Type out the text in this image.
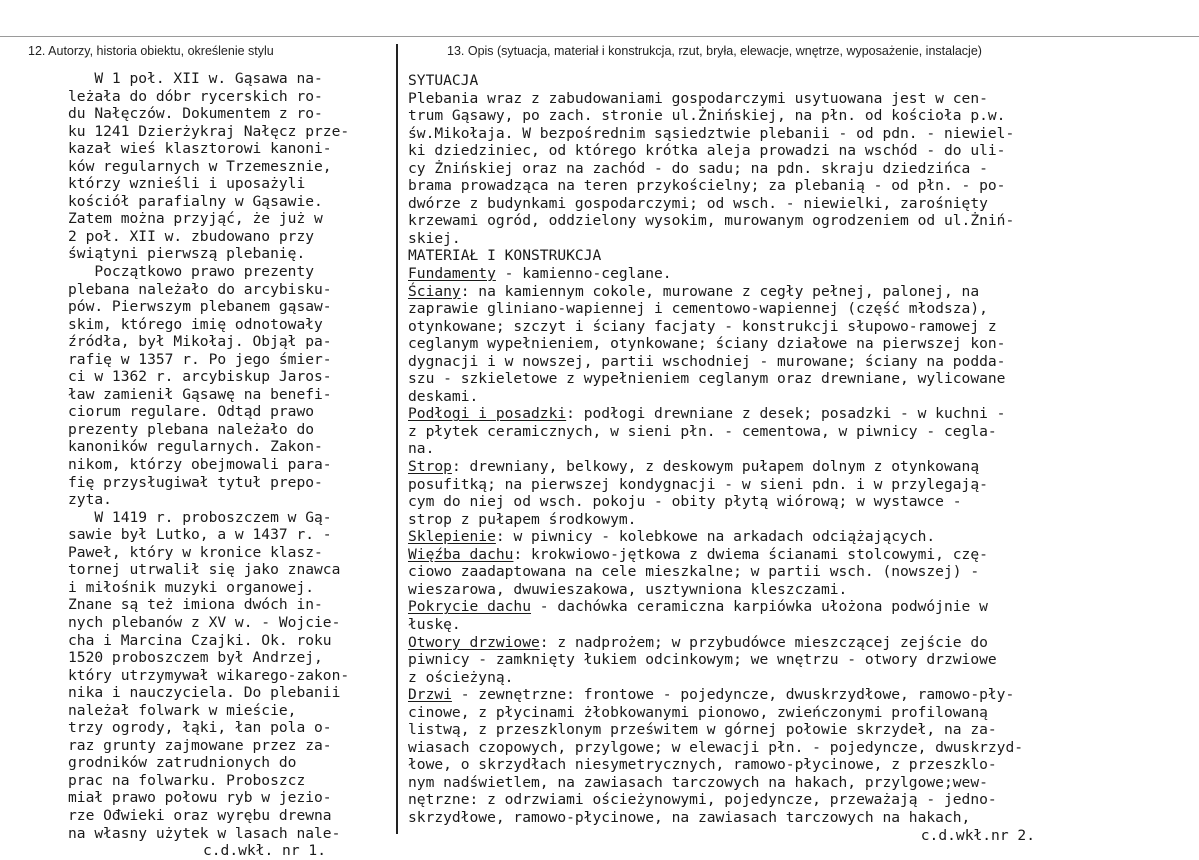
12. Autorzy, historia obiektu, określenie stylu	13. Opis (sytuacja, materiał i konstrukcja, rzut, bryła, elewacje, wnętrze, wyposażenie, instalacje)
W 1 poł. XII w. Gąsawa na-
leżała do dóbr rycerskich ro-
du Nałęczów. Dokumentem z ro-
ku 1241 Dzierżykraj Nałęcz prze-
kazał wieś klasztorowi kanoni-
ków regularnych w Trzemesznie,
którzy wznieśli i uposażyli
kościół parafialny w Gąsawie.
Zatem można przyjąć, że już w
2 poł. XII w. zbudowano przy
świątyni pierwszą plebanię.
Początkowo prawo prezenty
plebana należało do arcybisku-
pów. Pierwszym plebanem gąsaw-
skim, którego imię odnotowały
źródła, był Mikołaj. Objął pa-
rafię w 1357 r. Po jego śmier-
ci w 1362 r. arcybiskup Jaros-
ław zamienił Gąsawę na benefi-
ciorum regulare. Odtąd prawo
prezenty plebana należało do
kanoników regularnych. Zakon-
nikom, którzy obejmowali para-
fię przysługiwał tytuł prepo-
zyta.
W 1419 r. proboszczem w Gą-
sawie był Lutko, a w 1437 r. -
Paweł, który w kronice klasz-
tornej utrwalił się jako znawca
i miłośnik muzyki organowej.
Znane są też imiona dwóch in-
nych plebanów z XV w. - Wojcie-
cha i Marcina Czajki. Ok. roku
1520 proboszczem był Andrzej,
który utrzymywał wikarego-zakon-
nika i nauczyciela. Do plebanii
należał folwark w mieście,
trzy ogrody, łąki, łan pola o-
raz grunty zajmowane przez za-
grodników zatrudnionych do
prac na folwarku. Proboszcz
miał prawo połowu ryb w jezio-
rze Ođwieki oraz wyrębu drewna
na własny użytek w lasach nale-
c.d.wkł. nr 1.
SYTUACJA
Plebania wraz z zabudowaniami gospodarczymi usytuowana jest w cen-
trum Gąsawy, po zach. stronie ul.Żnińskiej, na płn. od kościoła p.w.
św.Mikołaja. W bezpośrednim sąsiedztwie plebanii - od pdn. - niewiel-
ki dziedziniec, od którego krótka aleja prowadzi na wschód - do uli-
cy Żnińskiej oraz na zachód - do sadu; na pdn. skraju dziedzińca -
brama prowadząca na teren przykościelny; za plebanią - od płn. - po-
dwórze z budynkami gospodarczymi; od wsch. - niewielki, zarośnięty
krzewami ogród, oddzielony wysokim, murowanym ogrodzeniem od ul.Żniń-
skiej.
MATERIAŁ I KONSTRUKCJA
Fundamenty - kamienno-ceglane.
Ściany: na kamiennym cokole, murowane z cegły pełnej, palonej, na
zaprawie gliniano-wapiennej i cementowo-wapiennej (część młodsza),
otynkowane; szczyt i ściany facjaty - konstrukcji słupowo-ramowej z
ceglanym wypełnieniem, otynkowane; ściany działowe na pierwszej kon-
dygnacji i w nowszej, partii wschodniej - murowane; ściany na podda-
szu - szkieletowe z wypełnieniem ceglanym oraz drewniane, wylicowane
deskami.
Podłogi i posadzki: podłogi drewniane z desek; posadzki - w kuchni -
z płytek ceramicznych, w sieni płn. - cementowa, w piwnicy - cegla-
na.
Strop: drewniany, belkowy, z deskowym pułapem dolnym z otynkowaną
posufitką; na pierwszej kondygnacji - w sieni pdn. i w przylegają-
cym do niej od wsch. pokoju - obity płytą wiórową; w wystawce -
strop z pułapem środkowym.
Sklepienie: w piwnicy - kolebkowe na arkadach odciążających.
Więźba dachu: krokwiowo-jętkowa z dwiema ścianami stolcowymi, czę-
ciowo zaadaptowana na cele mieszkalne; w partii wsch. (nowszej) -
wieszarowa, dwuwieszakowa, usztywniona kleszczami.
Pokrycie dachu - dachówka ceramiczna karpiówka ułożona podwójnie w
łuskę.
Otwory drzwiowe: z nadprożem; w przybudówce mieszczącej zejście do
piwnicy - zamknięty łukiem odcinkowym; we wnętrzu - otwory drzwiowe
z ościeżyną.
Drzwi - zewnętrzne: frontowe - pojedyncze, dwuskrzydłowe, ramowo-pły-
cinowe, z płycinami żłobkowanymi pionowo, zwieńczonymi profilowaną
listwą, z przeszklonym prześwitem w górnej połowie skrzydeł, na za-
wiasach czopowych, przylgowe; w elewacji płn. - pojedyncze, dwuskrzyd-
łowe, o skrzydłach niesymetrycznych, ramowo-płycinowe, z przeszklo-
nym nadświetlem, na zawiasach tarczowych na hakach, przylgowe;wew-
nętrzne: z odrzwiami ościeżynowymi, pojedyncze, przeważają - jedno-
skrzydłowe, ramowo-płycinowe, na zawiasach tarczowych na hakach,
c.d.wkł.nr 2.
